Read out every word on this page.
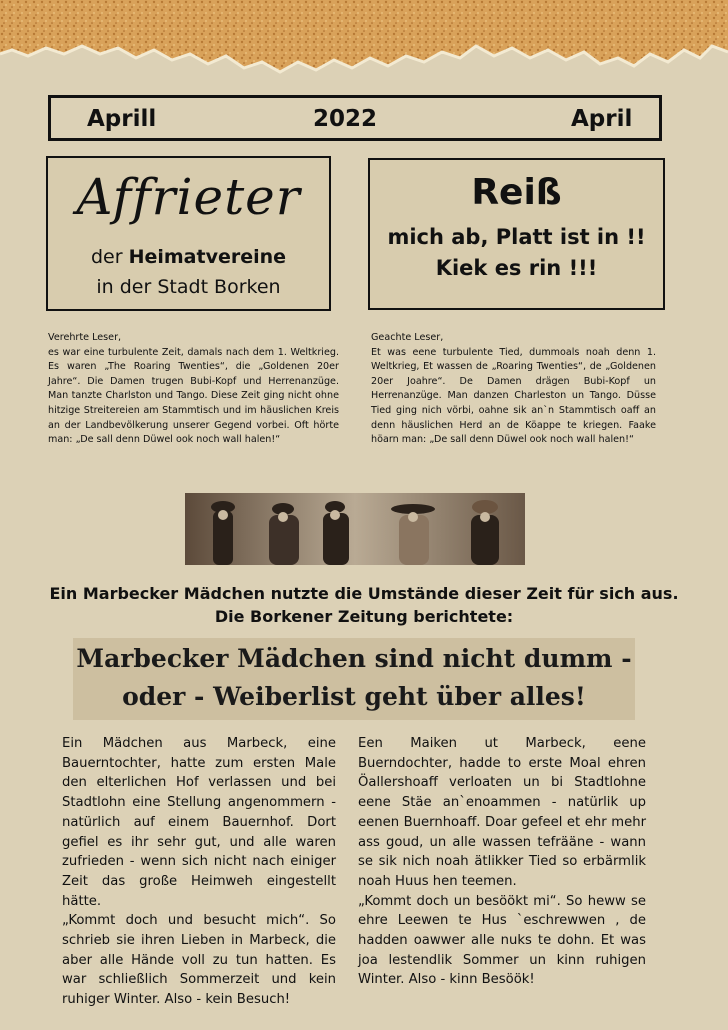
Aprill	2022	April
Affrieter
der Heimatvereine
in der Stadt Borken
Reiß
mich ab, Platt ist in !!
Kiek es rin !!!

Verehrte Leser,

es war eine turbulente Zeit, damals nach dem 1. Weltkrieg. Es waren „The Roaring Twenties“, die „Goldenen 20er Jahre“. Die Damen trugen Bubi-Kopf und Herrenanzüge. Man tanzte Charlston und Tango. Diese Zeit ging nicht ohne hitzige Streitereien am Stammtisch und im häuslichen Kreis an der Landbevölkerung unserer Gegend vorbei. Oft hörte man: „De sall denn Düwel ook noch wall halen!“

Geachte Leser,

Et was eene turbulente Tied, dummoals noah denn 1. Weltkrieg, Et wassen de „Roaring Twenties“, de „Goldenen 20er Joahre“. De Damen drägen Bubi-Kopf un Herrenanzüge. Man danzen Charleston un Tango. Düsse Tied ging nich vörbi, oahne sik an`n Stammtisch oaff an denn häuslichen Herd an de Köappe te kriegen. Faake höarn man: „De sall denn Düwel ook noch wall halen!“

Ein Marbecker Mädchen nutzte die Umstände dieser Zeit für sich aus.
Die Borkener Zeitung berichtete:
Marbecker Mädchen sind nicht dumm -
oder - Weiberlist geht über alles!

Ein Mädchen aus Marbeck, eine Bauerntochter, hatte zum ersten Male den elterlichen Hof verlassen und bei Stadtlohn eine Stellung angenommern - natürlich auf einem Bauernhof. Dort gefiel es ihr sehr gut, und alle waren zufrieden - wenn sich nicht nach einiger Zeit das große Heimweh eingestellt hätte.

„Kommt doch und besucht mich“. So schrieb sie ihren Lieben in Marbeck, die aber alle Hände voll zu tun hatten. Es war schließlich Sommerzeit und kein ruhiger Winter. Also - kein Besuch!

Een Maiken ut Marbeck, eene Buerndochter, hadde to erste Moal ehren Öallershoaff verloaten un bi Stadtlohne eene Stäe an`enoammen - natürlik up eenen Buernhoaff. Doar gefeel et ehr mehr ass goud, un alle wassen tefrääne - wann se sik nich noah ätlikker Tied so erbärmlik noah Huus hen teemen.

„Kommt doch un besöökt mi“. So heww se ehre Leewen te Hus `eschrewwen , de hadden oawwer alle nuks te dohn. Et was joa lestendlik Sommer un kinn ruhigen Winter. Also - kinn Besöök!
